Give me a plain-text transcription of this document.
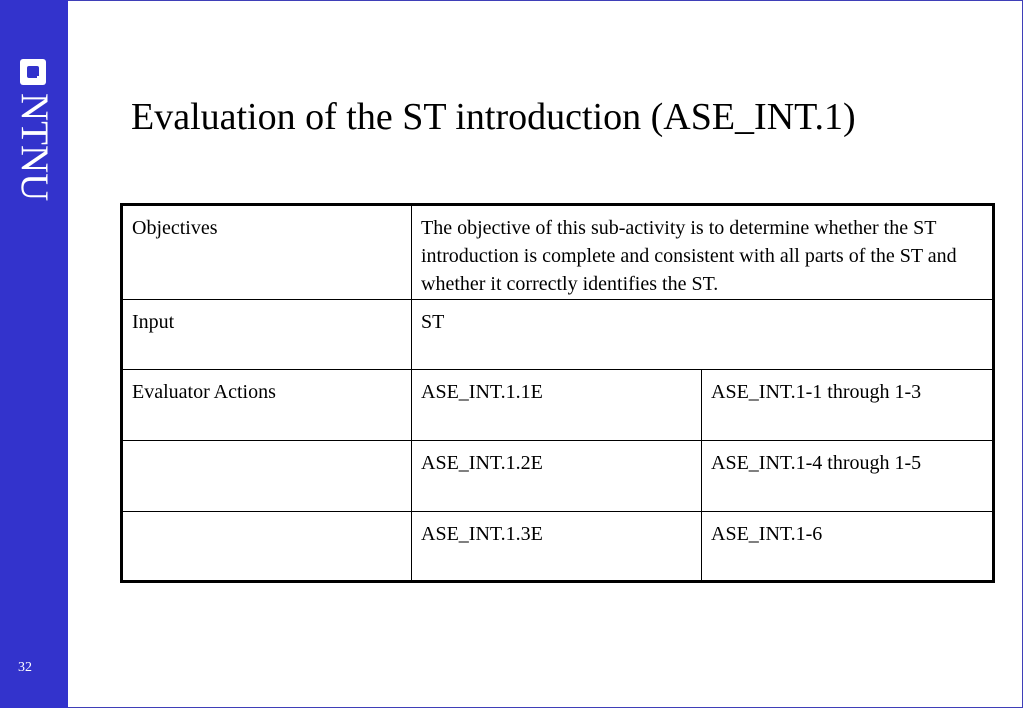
NTNU
32
Evaluation of the ST introduction (ASE_INT.1)
Objectives	The objective of this sub-activity is to determine whether the ST introduction is complete and consistent with all parts of the ST and whether it correctly identifies the ST.	
Input	ST	
Evaluator Actions	ASE_INT.1.1E	ASE_INT.1-1 through 1-3
	ASE_INT.1.2E	ASE_INT.1-4 through 1-5
	ASE_INT.1.3E	ASE_INT.1-6
